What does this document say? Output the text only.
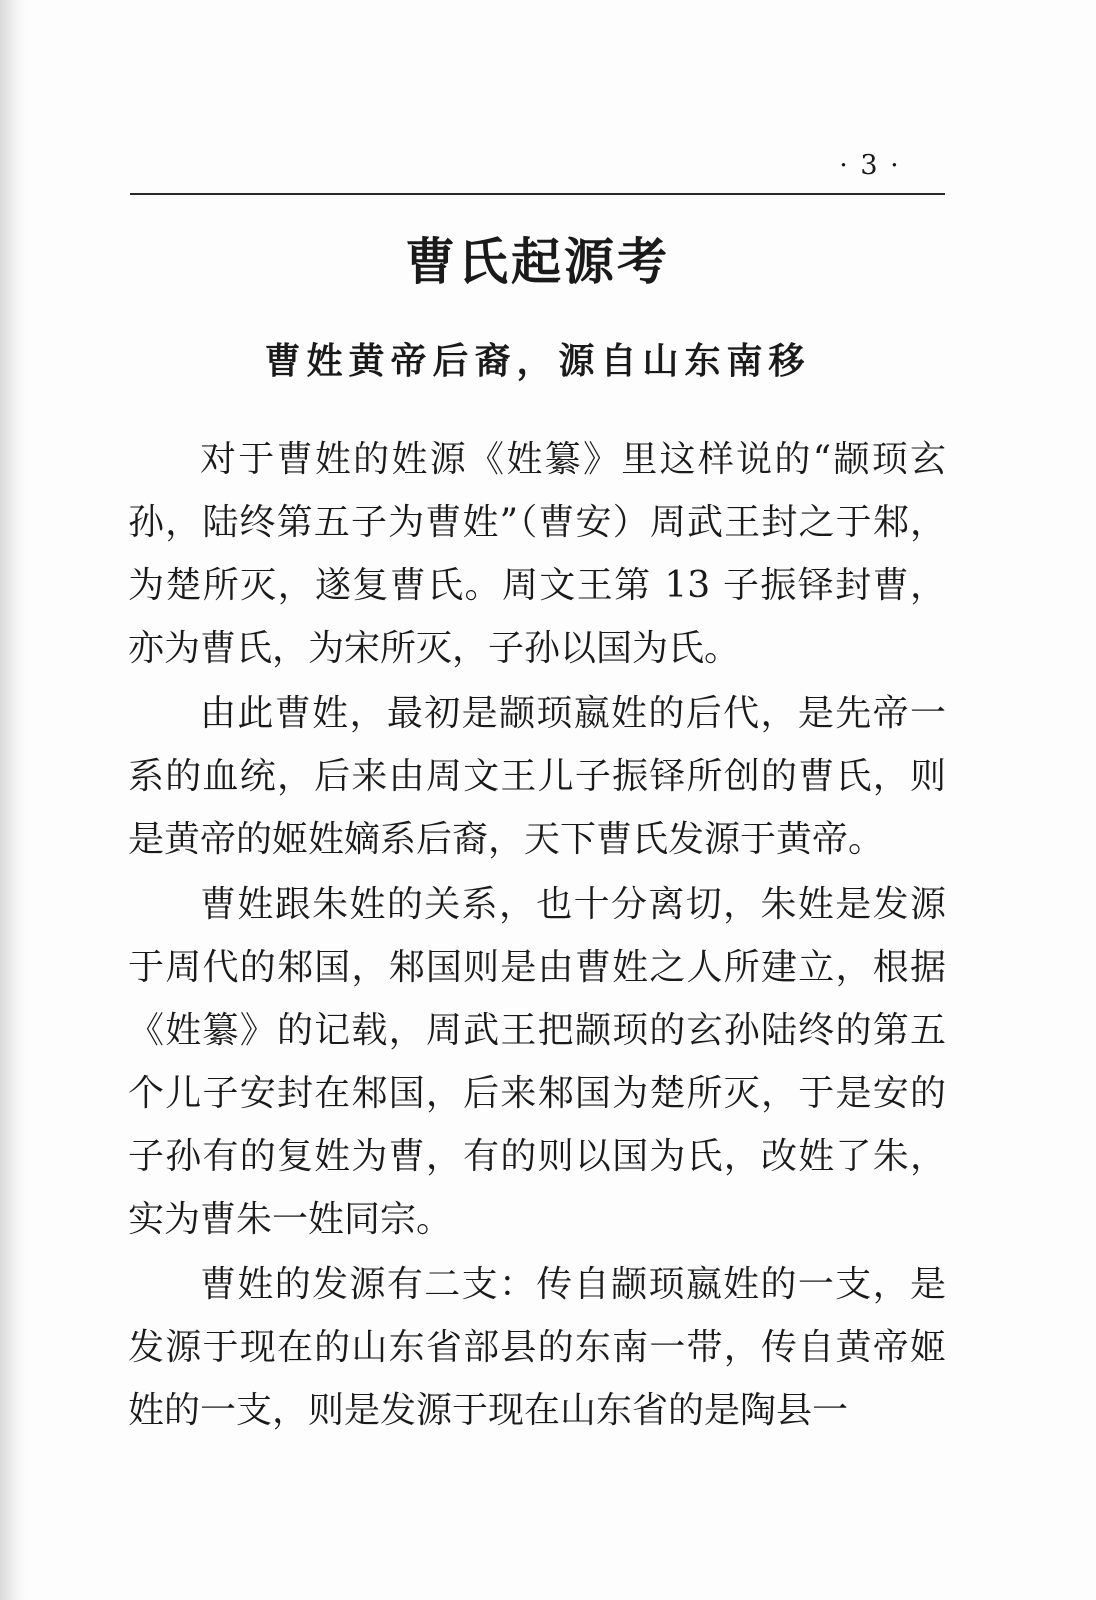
· 3 ·
曹氏起源考
曹姓黄帝后裔，源自山东南移

对于曹姓的姓源《姓纂》里这样说的“颛顼玄孙，陆终第五子为曹姓”（曹安）周武王封之于邾，为楚所灭，遂复曹氏。周文王第 13 子振铎封曹，亦为曹氏，为宋所灭，子孙以国为氏。

由此曹姓，最初是颛顼嬴姓的后代，是先帝一系的血统，后来由周文王儿子振铎所创的曹氏，则是黄帝的姬姓嫡系后裔，天下曹氏发源于黄帝。

曹姓跟朱姓的关系，也十分离切，朱姓是发源于周代的邾国，邾国则是由曹姓之人所建立，根据《姓纂》的记载，周武王把颛顼的玄孙陆终的第五个儿子安封在邾国，后来邾国为楚所灭，于是安的子孙有的复姓为曹，有的则以国为氏，改姓了朱，实为曹朱一姓同宗。

曹姓的发源有二支：传自颛顼嬴姓的一支，是发源于现在的山东省部县的东南一带，传自黄帝姬姓的一支，则是发源于现在山东省的是陶县一
